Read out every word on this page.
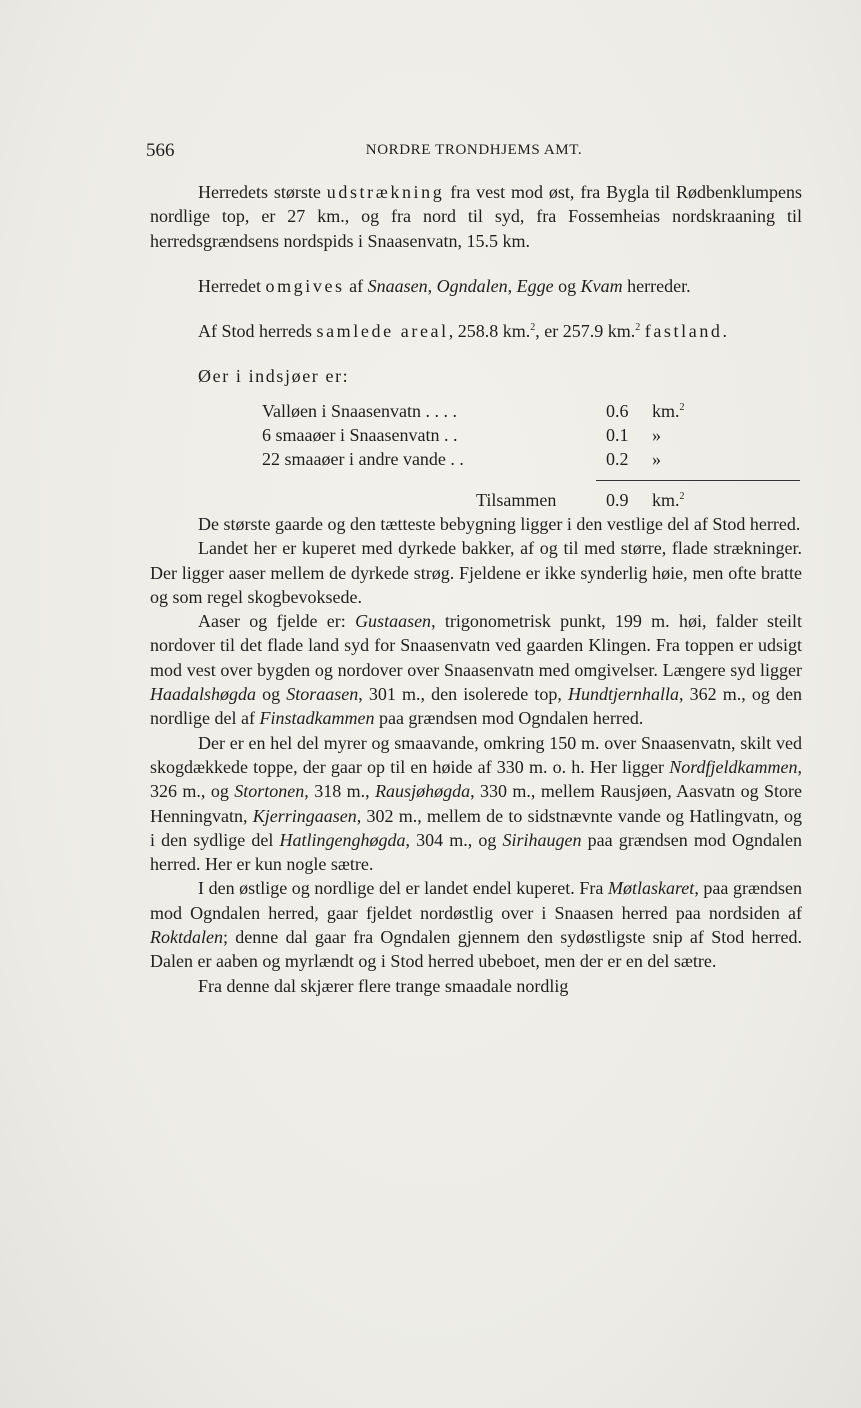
566	NORDRE TRONDHJEMS AMT.

Herredets største udstrækning fra vest mod øst, fra Bygla til Rødbenklumpens nordlige top, er 27 km., og fra nord til syd, fra Fossemheias nordskraaning til herredsgrændsens nordspids i Snaasenvatn, 15.5 km.

Herredet omgives af Snaasen, Ogndalen, Egge og Kvam herreder.

Af Stod herreds samlede areal, 258.8 km.$^2$, er 257.9 km.$^2$ fastland.

Øer i indsjøer er:

Valløen i Snaasenvatn . . . .	0.6 km.$^2$
6 smaaøer i Snaasenvatn . .	0.1 »
22 smaaøer i andre vande . .	0.2 »
Tilsammen	0.9 km.$^2$

De største gaarde og den tætteste bebygning ligger i den vestlige del af Stod herred.

Landet her er kuperet med dyrkede bakker, af og til med større, flade strækninger. Der ligger aaser mellem de dyrkede strøg. Fjeldene er ikke synderlig høie, men ofte bratte og som regel skogbevoksede.

Aaser og fjelde er: Gustaasen, trigonometrisk punkt, 199 m. høi, falder steilt nordover til det flade land syd for Snaasenvatn ved gaarden Klingen. Fra toppen er udsigt mod vest over bygden og nordover over Snaasenvatn med omgivelser. Længere syd ligger Haadalshøgda og Storaasen, 301 m., den isolerede top, Hundtjernhalla, 362 m., og den nordlige del af Finstadkammen paa grændsen mod Ogndalen herred.

Der er en hel del myrer og smaavande, omkring 150 m. over Snaasenvatn, skilt ved skogdækkede toppe, der gaar op til en høide af 330 m. o. h. Her ligger Nordfjeldkammen, 326 m., og Stortonen, 318 m., Rausjøhøgda, 330 m., mellem Rausjøen, Aasvatn og Store Henningvatn, Kjerringaasen, 302 m., mellem de to sidstnævnte vande og Hatlingvatn, og i den sydlige del Hatlingenghøgda, 304 m., og Sirihaugen paa grændsen mod Ogndalen herred. Her er kun nogle sætre.

I den østlige og nordlige del er landet endel kuperet. Fra Møtlaskaret, paa grændsen mod Ogndalen herred, gaar fjeldet nordøstlig over i Snaasen herred paa nordsiden af Roktdalen; denne dal gaar fra Ogndalen gjennem den sydøstligste snip af Stod herred. Dalen er aaben og myrlændt og i Stod herred ubeboet, men der er en del sætre.

Fra denne dal skjærer flere trange smaadale nordlig
